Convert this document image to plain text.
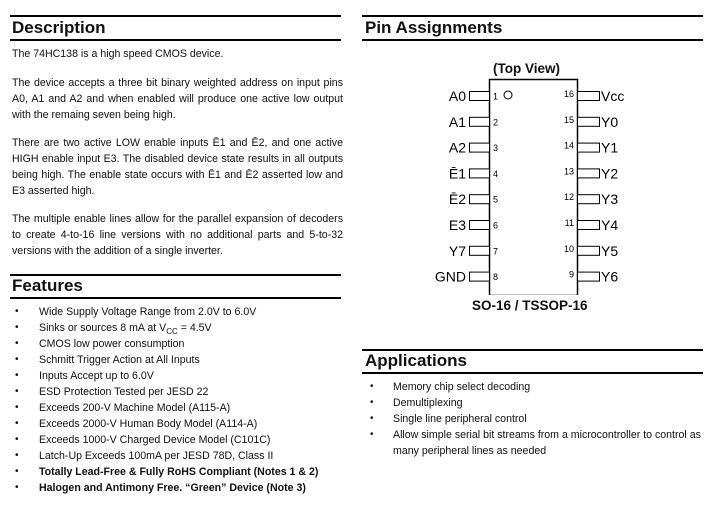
Description
The 74HC138 is a high speed CMOS device.
The device accepts a three bit binary weighted address on input pins
A0, A1 and A2 and when enabled will produce one active low output
with the remaing seven being high.
There are two active LOW enable inputs Ē1 and Ē2, and one active
HIGH enable input E3. The disabled device state results in all outputs
being high. The enable state occurs with Ē1 and Ē2 asserted low and
E3 asserted high.
The multiple enable lines allow for the parallel expansion of decoders
to create 4-to-16 line versions with no additional parts and 5-to-32
versions with the addition of a single inverter.
Features
• Wide Supply Voltage Range from 2.0V to 6.0V
• Sinks or sources 8 mA at $V_{CC} = 4.5V$
• CMOS low power consumption
• Schmitt Trigger Action at All Inputs
• Inputs Accept up to 6.0V
• ESD Protection Tested per JESD 22
• Exceeds 200-V Machine Model (A115-A)
• Exceeds 2000-V Human Body Model (A114-A)
• Exceeds 1000-V Charged Device Model (C101C)
• Latch-Up Exceeds 100mA per JESD 78D, Class II
• Totally Lead-Free & Fully RoHS Compliant (Notes 1 & 2)
• Halogen and Antimony Free. “Green” Device (Note 3)
Pin Assignments
(Top View)
1
A0
2
A1
3
A2
4
Ē1
5
Ē2
6
E3
7
Y7
8
GND
16 Vcc
15 Y0
14 Y1
13 Y2
12 Y3
11 Y4
10 Y5
9 Y6
SO-16 / TSSOP-16
Applications
• Memory chip select decoding
• Demultiplexing
• Single line peripheral control
• Allow simple serial bit streams from a microcontroller to control as
many peripheral lines as needed
